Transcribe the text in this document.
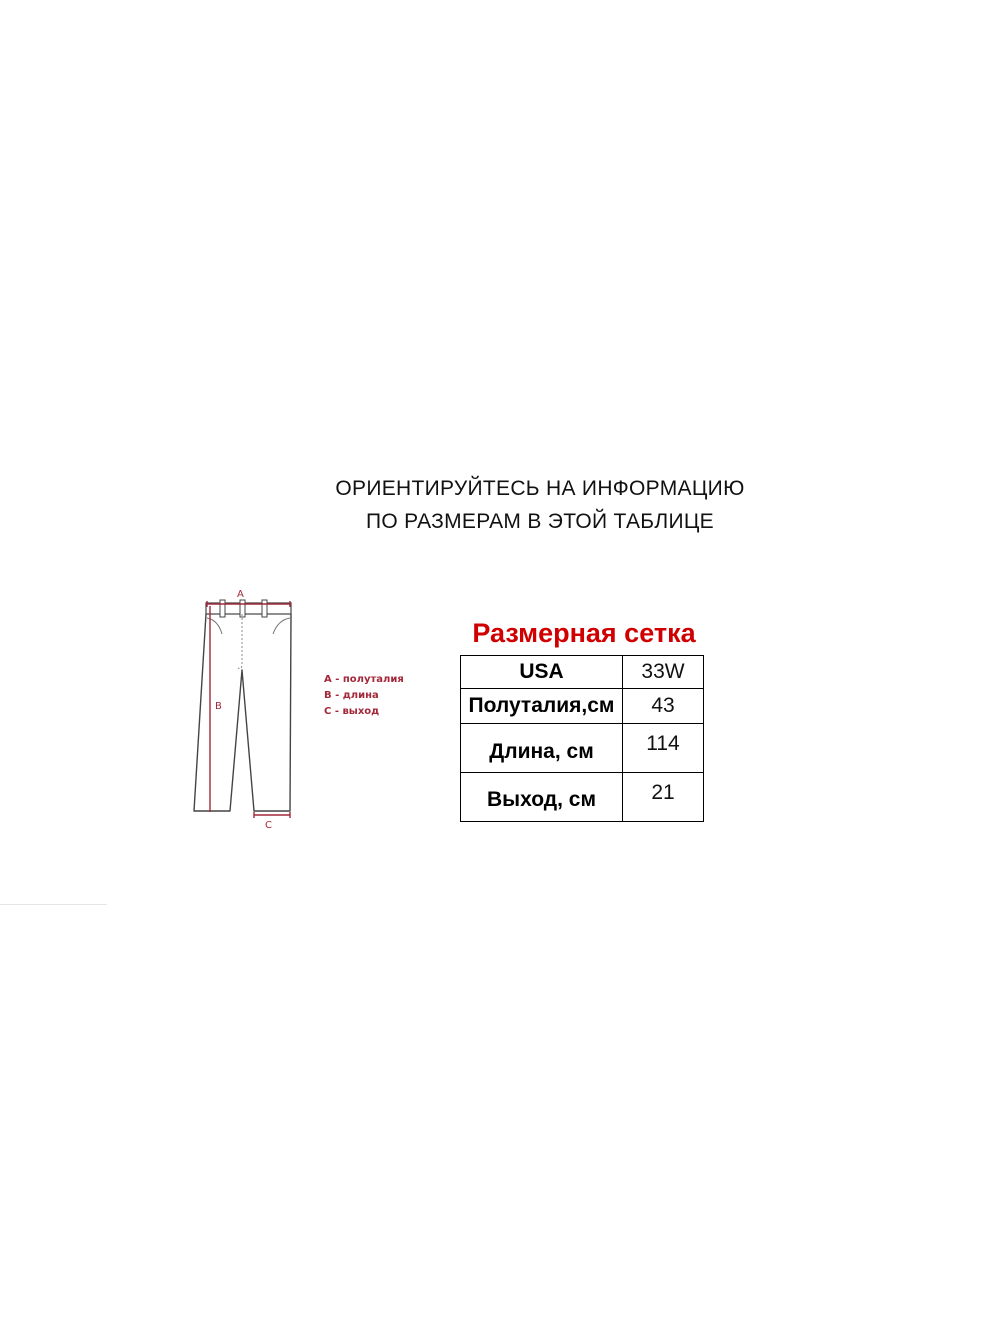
ОРИЕНТИРУЙТЕСЬ НА ИНФОРМАЦИЮ
ПО РАЗМЕРАМ В ЭТОЙ ТАБЛИЦЕ
A
B
C
A - полуталия
B - длина
C - выход
Размерная сетка
USA	33W
Полуталия,см	43
Длина, см	114
Выход, см	21
